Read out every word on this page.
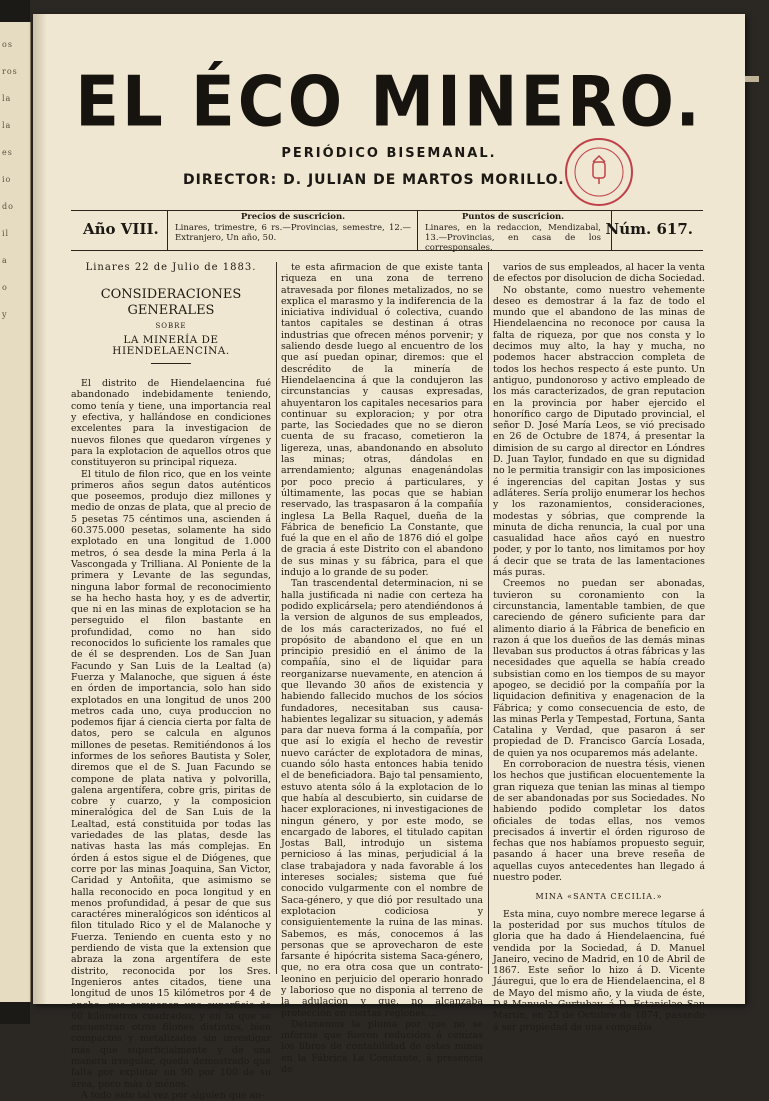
os
ros
la
la
es
io
do
il
a
o
y
EL ÉCO MINERO.
PERIÓDICO BISEMANAL.
DIRECTOR: D. JULIAN DE MARTOS MORILLO.
Año VIII.
Precios de suscricion.
Linares, trimestre, 6 rs.—Provincias, semestre, 12.—Extranjero, Un año, 50.
Puntos de suscricion.
Linares, en la redaccion, Mendizabal, 13.—Provincias, en casa de los corresponsales.
Núm. 617.
Linares 22 de Julio de 1883.
CONSIDERACIONES GENERALES
SOBRE
LA MINERÍA DE HIENDELAENCINA.

El distrito de Hiendelaencina fué abandonado indebidamente teniendo, como tenía y tiene, una importancia real y efectiva, y hallándose en condiciones excelentes para la investigacion de nuevos filones que quedaron vírgenes y para la explotacion de aquellos otros que constituyeron su principal riqueza.

El titulo de filon rico, que en los veinte primeros años segun datos auténticos que poseemos, produjo diez millones y medio de onzas de plata, que al precio de 5 pesetas 75 céntimos una, ascienden á 60.375.000 pesetas, solamente ha sido explotado en una longitud de 1.000 metros, ó sea desde la mina Perla á la Vascongada y Trilliana. Al Poniente de la primera y Levante de las segundas, ninguna labor formal de reconocimiento se ha hecho hasta hoy, y es de advertir, que ni en las minas de explotacion se ha perseguido el filon bastante en profundidad, como no han sido reconocidos lo suficiente los ramales que de él se desprenden. Los de San Juan Facundo y San Luis de la Lealtad (a) Fuerza y Malanoche, que siguen á éste en órden de importancia, solo han sido explotados en una longitud de unos 200 metros cada uno, cuya produccion no podemos fijar á ciencia cierta por falta de datos, pero se calcula en algunos millones de pesetas. Remitiéndonos á los informes de los señores Bautista y Soler, diremos que el de S. Juan Facundo se compone de plata nativa y polvorilla, galena argentífera, cobre gris, piritas de cobre y cuarzo, y la composicion mineralógica del de San Luis de la Lealtad, está constituida por todas las variedades de las platas, desde las nativas hasta las más complejas. En órden á estos sigue el de Diógenes, que corre por las minas Joaquina, San Victor, Caridad y Antoñita, que asimismo se halla reconocido en poca longitud y en menos profundidad, á pesar de que sus caractéres mineralógicos son idénticos al filon titulado Rico y el de Malanoche y Fuerza. Teniendo en cuenta esto y no perdiendo de vista que la extension que abraza la zona argentífera de este distrito, reconocida por los Sres. Ingenieros antes citados, tiene una longitud de unos 15 kilómetros por 4 de ancho, que componen una superficie de 60 kilómetros cuadrados, y en la que se encuentran otros filones distintos, bien compactos y metalizados sin investigar más que superficialmente y de una manera irregular, queda demostrado que falta por explotar un 90 por 100 de su área, poco más ó ménos.

A todo esto tal vez por alguien que an-

te esta afirmacion de que existe tanta riqueza en una zona de terreno atravesada por filones metalizados, no se explica el marasmo y la indiferencia de la iniciativa individual ó colectiva, cuando tantos capitales se destinan á otras industrias que ofrecen ménos porvenir; y saliendo desde luego al encuentro de los que así puedan opinar, diremos: que el descrédito de la minería de Hiendelaencina á que la condujeron las circunstancias y causas expresadas, ahuyentaron los capitales necesarios para continuar su exploracion; y por otra parte, las Sociedades que no se dieron cuenta de su fracaso, cometieron la ligereza, unas, abandonando en absoluto las minas; otras, dándolas en arrendamiento; algunas enagenándolas por poco precio á particulares, y últimamente, las pocas que se habian reservado, las traspasaron á la compañía inglesa La Bella Raquel, dueña de la Fábrica de beneficio La Constante, que fué la que en el año de 1876 dió el golpe de gracia á este Distrito con el abandono de sus minas y su fábrica, para el que indujo a lo grande de su poder.

Tan trascendental determinacion, ni se halla justificada ni nadie con certeza ha podido explicársela; pero atendiéndonos á la version de algunos de sus empleados, de los más caracterizados, no fué el propósito de abandono el que en un principio presidió en el ánimo de la compañía, sino el de liquidar para reorganizarse nuevamente, en atencion á que llevando 30 años de existencia y habiendo fallecido muchos de los sócios fundadores, necesitaban sus causa-habientes legalizar su situacion, y además para dar nueva forma á la compañía, por que así lo exigía el hecho de revestir nuevo carácter de explotadora de minas, cuando sólo hasta entonces habia tenido el de beneficiadora. Bajo tal pensamiento, estuvo atenta sólo á la explotacion de lo que había al descubierto, sin cuidarse de hacer exploraciones, ni investigaciones de ningun género, y por este modo, se encargado de labores, el titulado capitan Jostas Ball, introdujo un sistema pernicioso á las minas, perjudicial á la clase trabajadora y nada favorable á los intereses sociales; sistema que fué conocido vulgarmente con el nombre de Saca-género, y que dió por resultado una explotacion codiciosa y consiguientemente la ruina de las minas. Sabemos, es más, conocemos á las personas que se aprovecharon de este farsante é hipócrita sistema Saca-género, que, no era otra cosa que un contrato-leonino en perjuicio del operario honrado y laborioso que no disponia al terreno de la adulacion y que, no alcanzaba proteccion en ciertas regiones....

Detenemos la pluma por que no se informe que fueron reducidos á cenizas los libros de contabilidad de estas minas en la Fábrica La Constante, á presencia de

varios de sus empleados, al hacer la venta de efectos por disolucion de dicha Sociedad.

No obstante, como nuestro vehemente deseo es demostrar á la faz de todo el mundo que el abandono de las minas de Hiendelaencina no reconoce por causa la falta de riqueza, por que nos consta y lo decimos muy alto, la hay y mucha, no podemos hacer abstraccion completa de todos los hechos respecto á este punto. Un antiguo, pundonoroso y activo empleado de los más caracterizados, de gran reputacion en la provincia por haber ejercido el honorífico cargo de Diputado provincial, el señor D. José María Leos, se vió precisado en 26 de Octubre de 1874, á presentar la dimision de su cargo al director en Lóndres D. Juan Taylor, fundado en que su dignidad no le permitia transigir con las imposiciones é ingerencias del capitan Jostas y sus adláteres. Sería prolijo enumerar los hechos y los razonamientos, consideraciones, modestas y sóbrias, que comprende la minuta de dicha renuncia, la cual por una casualidad hace años cayó en nuestro poder, y por lo tanto, nos limitamos por hoy á decir que se trata de las lamentaciones más puras.

Creemos no puedan ser abonadas, tuvieron su coronamiento con la circunstancia, lamentable tambien, de que careciendo de género suficiente para dar alimento diario á la Fábrica de beneficio en razon á que los dueños de las demás minas llevaban sus productos á otras fábricas y las necesidades que aquella se había creado subsistian como en los tiempos de su mayor apogeo, se decidió por la compañía por la liquidacion definitiva y enagenacion de la Fábrica; y como consecuencia de esto, de las minas Perla y Tempestad, Fortuna, Santa Catalina y Verdad, que pasaron á ser propiedad de D. Francisco García Losada, de quien ya nos ocuparemos más adelante.

En corroboracion de nuestra tésis, vienen los hechos que justifican elocuentemente la gran riqueza que tenian las minas al tiempo de ser abandonadas por sus Sociedades. No habiendo podido completar los datos oficiales de todas ellas, nos vemos precisados á invertir el órden riguroso de fechas que nos habíamos propuesto seguir, pasando á hacer una breve reseña de aquellas cuyos antecedentes han llegado á nuestro poder.

MINA «SANTA CECILIA.»

Esta mina, cuyo nombre merece legarse á la posteridad por sus muchos títulos de gloria que ha dado á Hiendelaencina, fué vendida por la Sociedad, á D. Manuel Janeiro, vecino de Madrid, en 10 de Abril de 1867. Este señor lo hizo á D. Vicente Jáuregui, que lo era de Hiendelaencina, el 8 de Mayo del mismo año, y la viuda de éste, D.ª Manuela Gurtubay, á D. Estanislao San Martín, en 23 de Octubre de 1874, pasando á ser propiedad de una compañía
